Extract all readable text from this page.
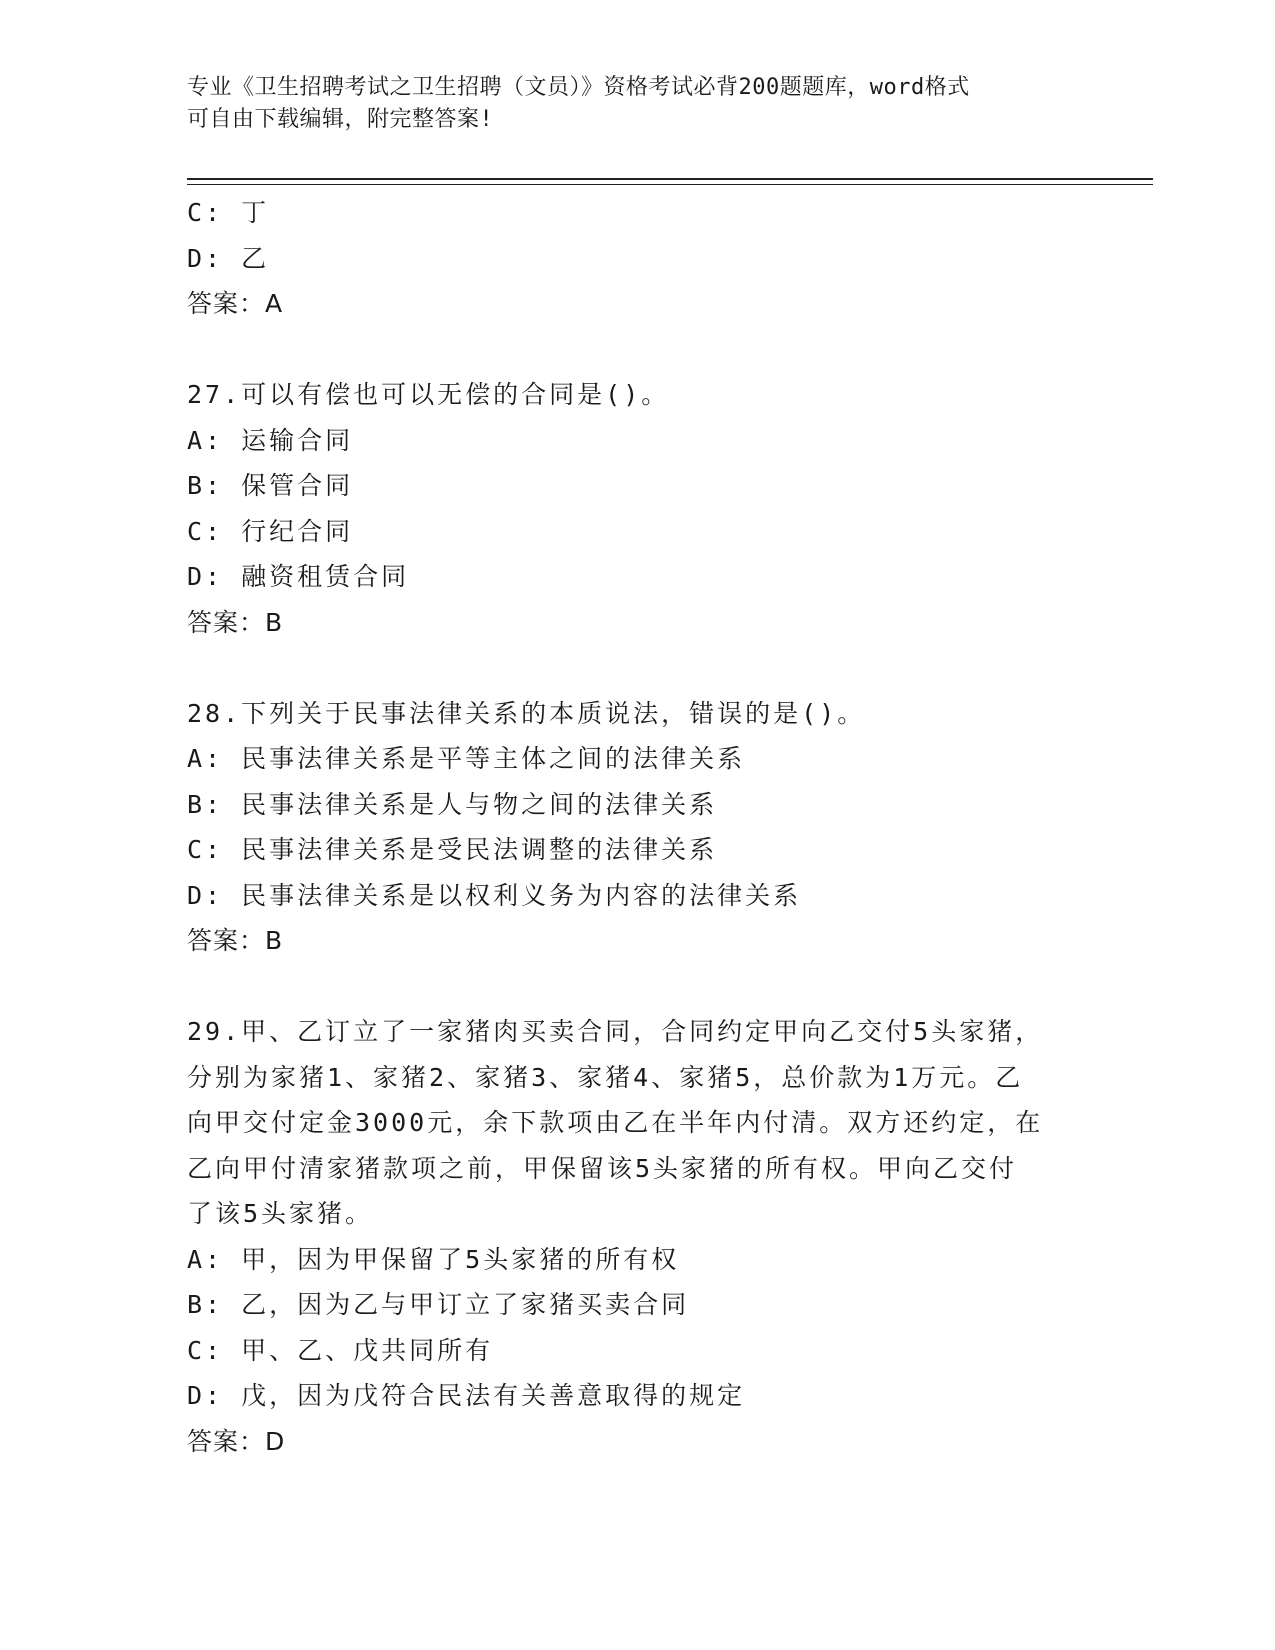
专业《卫生招聘考试之卫生招聘（文员）》资格考试必背200题题库，word格式
可自由下载编辑，附完整答案!
C: 丁
D: 乙
答案：A
27.可以有偿也可以无偿的合同是()。
A: 运输合同
B: 保管合同
C: 行纪合同
D: 融资租赁合同
答案：B
28.下列关于民事法律关系的本质说法，错误的是()。
A: 民事法律关系是平等主体之间的法律关系
B: 民事法律关系是人与物之间的法律关系
C: 民事法律关系是受民法调整的法律关系
D: 民事法律关系是以权利义务为内容的法律关系
答案：B
29.甲、乙订立了一家猪肉买卖合同，合同约定甲向乙交付5头家猪，
分别为家猪1、家猪2、家猪3、家猪4、家猪5，总价款为1万元。乙
向甲交付定金3000元，余下款项由乙在半年内付清。双方还约定，在
乙向甲付清家猪款项之前，甲保留该5头家猪的所有权。甲向乙交付
了该5头家猪。
A: 甲，因为甲保留了5头家猪的所有权
B: 乙，因为乙与甲订立了家猪买卖合同
C: 甲、乙、戊共同所有
D: 戊，因为戊符合民法有关善意取得的规定
答案：D
